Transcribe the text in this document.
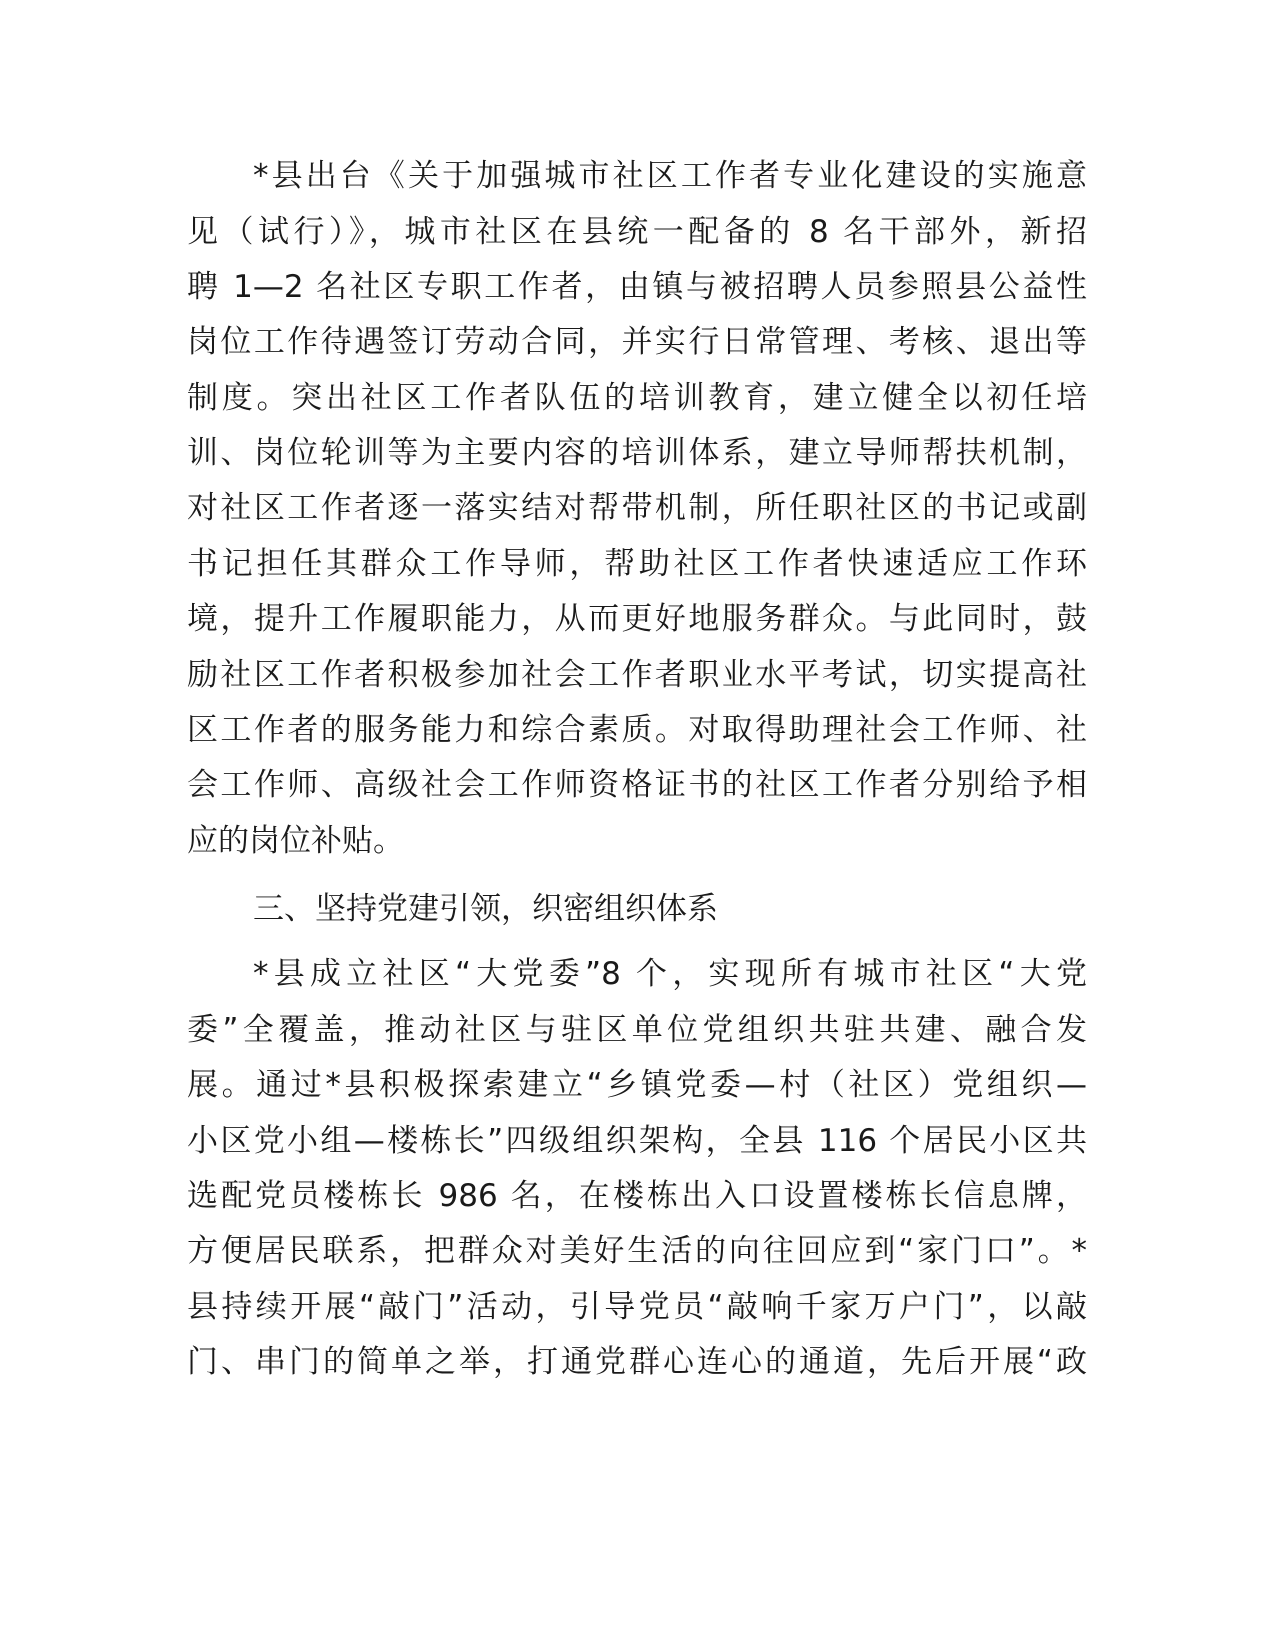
*县出台《关于加强城市社区工作者专业化建设的实施意
见（试行）》，城市社区在县统一配备的 8 名干部外，新招
聘 1—2 名社区专职工作者，由镇与被招聘人员参照县公益性
岗位工作待遇签订劳动合同，并实行日常管理、考核、退出等
制度。突出社区工作者队伍的培训教育，建立健全以初任培
训、岗位轮训等为主要内容的培训体系，建立导师帮扶机制，
对社区工作者逐一落实结对帮带机制，所任职社区的书记或副
书记担任其群众工作导师，帮助社区工作者快速适应工作环
境，提升工作履职能力，从而更好地服务群众。与此同时，鼓
励社区工作者积极参加社会工作者职业水平考试，切实提高社
区工作者的服务能力和综合素质。对取得助理社会工作师、社
会工作师、高级社会工作师资格证书的社区工作者分别给予相
应的岗位补贴。
三、坚持党建引领，织密组织体系
*县成立社区“大党委”8 个，实现所有城市社区“大党
委”全覆盖，推动社区与驻区单位党组织共驻共建、融合发
展。通过*县积极探索建立“乡镇党委—村（社区）党组织—
小区党小组—楼栋长”四级组织架构，全县 116 个居民小区共
选配党员楼栋长 986 名，在楼栋出入口设置楼栋长信息牌，
方便居民联系，把群众对美好生活的向往回应到“家门口”。*
县持续开展“敲门”活动，引导党员“敲响千家万户门”，以敲
门、串门的简单之举，打通党群心连心的通道，先后开展“政
